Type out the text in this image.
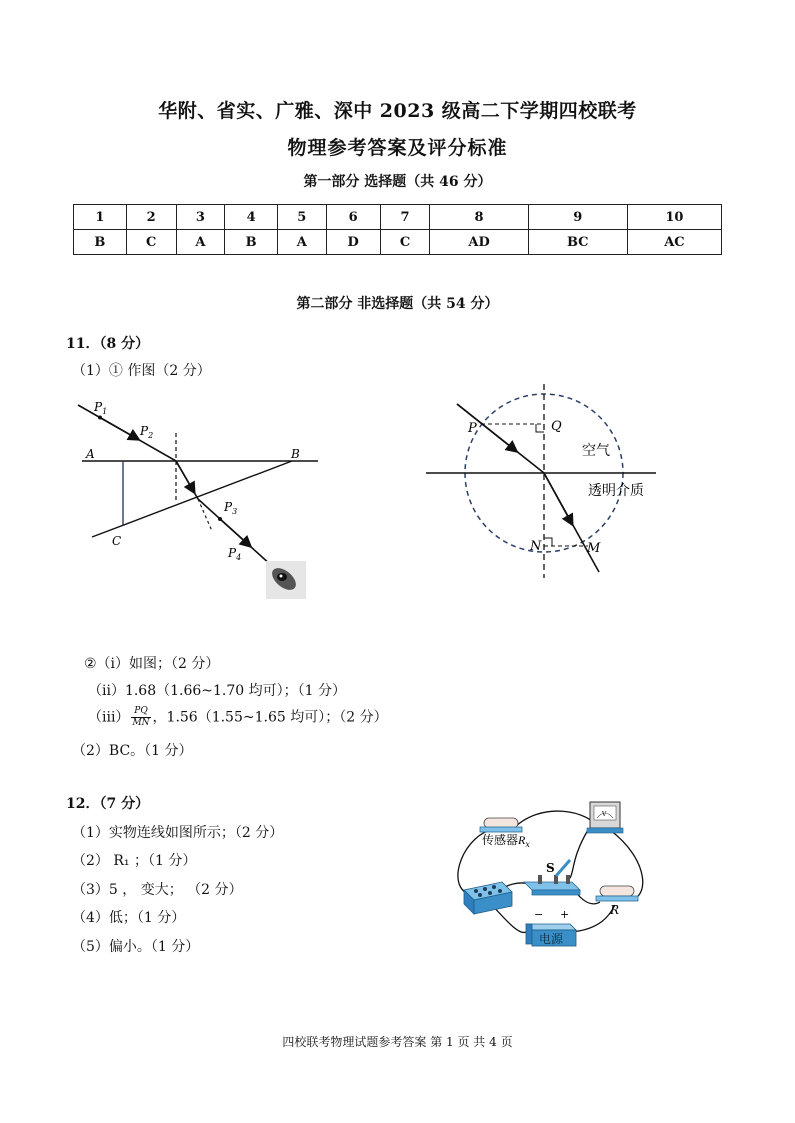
华附、省实、广雅、深中 2023 级高二下学期四校联考
物理参考答案及评分标准
第一部分 选择题（共 46 分）
1	2	3	4	5	6	7	8	9	10
B	C	A	B	A	D	C	AD	BC	AC
第二部分 非选择题（共 54 分）
11．（8 分）
（1）① 作图（2 分）
$P_1$
$P_2$
$P_3$
$P_4$
A	B
C
P	Q
N	M
空气
透明介质
②（i）如图；（2 分）
（ii）1.68（1.66~1.70 均可）；（1 分）
$(iii) \frac{PQ}{MN}$ ，1.56（1.55~1.65 均可）；（2 分）
（2）BC。（1 分）
12．（7 分）
（1）实物连线如图所示；（2 分）
（2） R₁ ；（1 分）
（3）5 ， 变大； （2 分）
（4）低；（1 分）
（5）偏小。（1 分）
传感器$R_x$
V
S
R
− +
电源
四校联考物理试题参考答案 第 1 页 共 4 页
